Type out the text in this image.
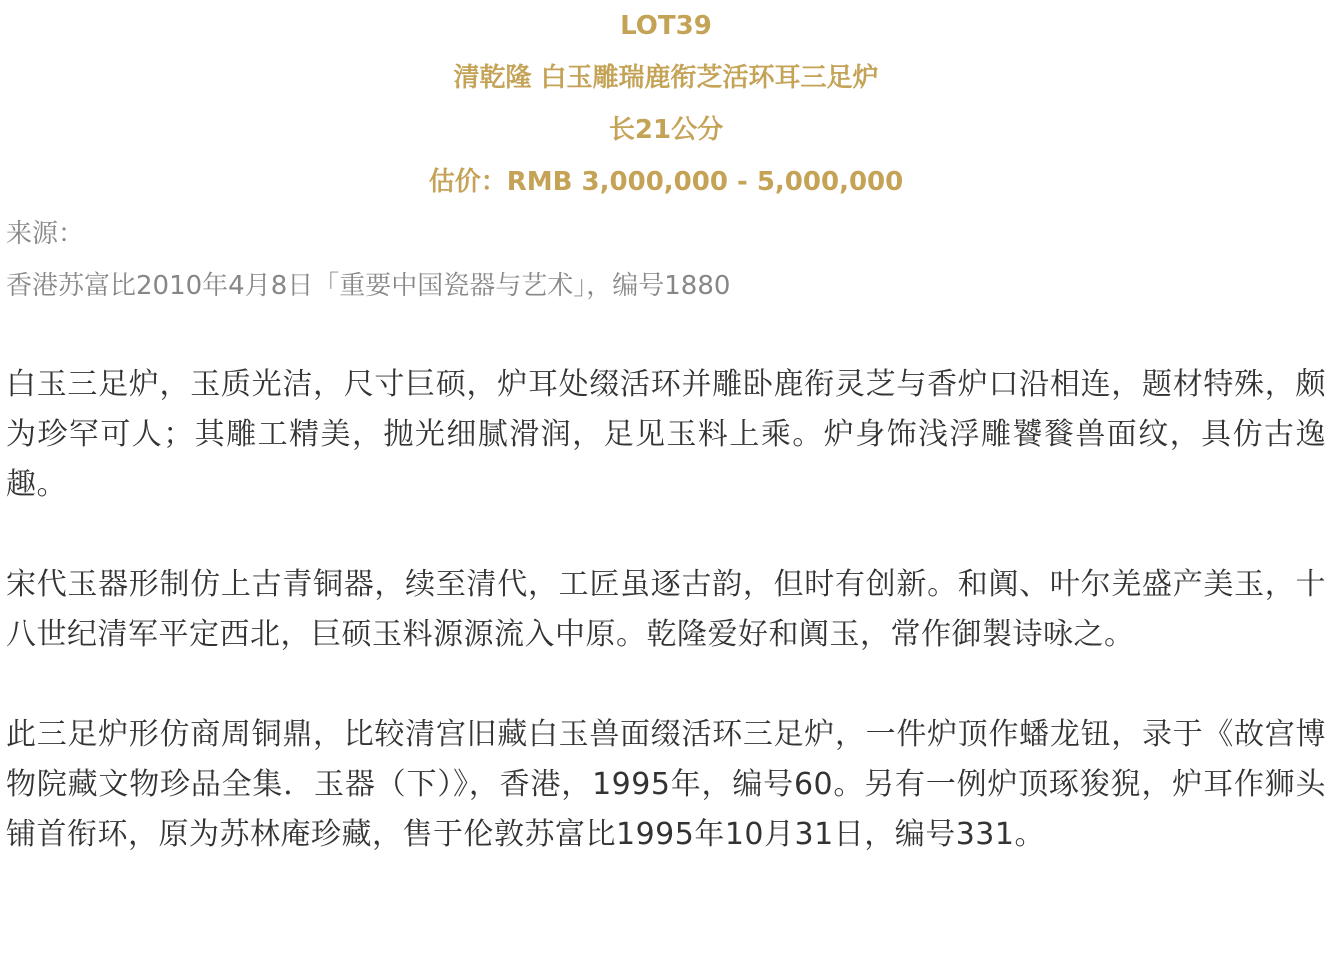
LOT39
清乾隆 白玉雕瑞鹿衔芝活环耳三足炉
长21公分
估价：RMB 3,000,000 - 5,000,000
来源：
香港苏富比2010年4月8日「重要中国瓷器与艺术」，编号1880

白玉三足炉，玉质光洁，尺寸巨硕，炉耳处缀活环并雕卧鹿衔灵芝与香炉口沿相连，题材特殊，颇为珍罕可人；其雕工精美，抛光细腻滑润，足见玉料上乘。炉身饰浅浮雕饕餮兽面纹，具仿古逸趣。

宋代玉器形制仿上古青铜器，续至清代，工匠虽逐古韵，但时有创新。和阗、叶尔羌盛产美玉，十八世纪清军平定西北，巨硕玉料源源流入中原。乾隆爱好和阗玉，常作御製诗咏之。

此三足炉形仿商周铜鼎，比较清宫旧藏白玉兽面缀活环三足炉，一件炉顶作蟠龙钮，录于《故宫博物院藏文物珍品全集．玉器（下）》，香港，1995年，编号60。另有一例炉顶琢狻猊，炉耳作狮头铺首衔环，原为苏林庵珍藏，售于伦敦苏富比1995年10月31日，编号331。
